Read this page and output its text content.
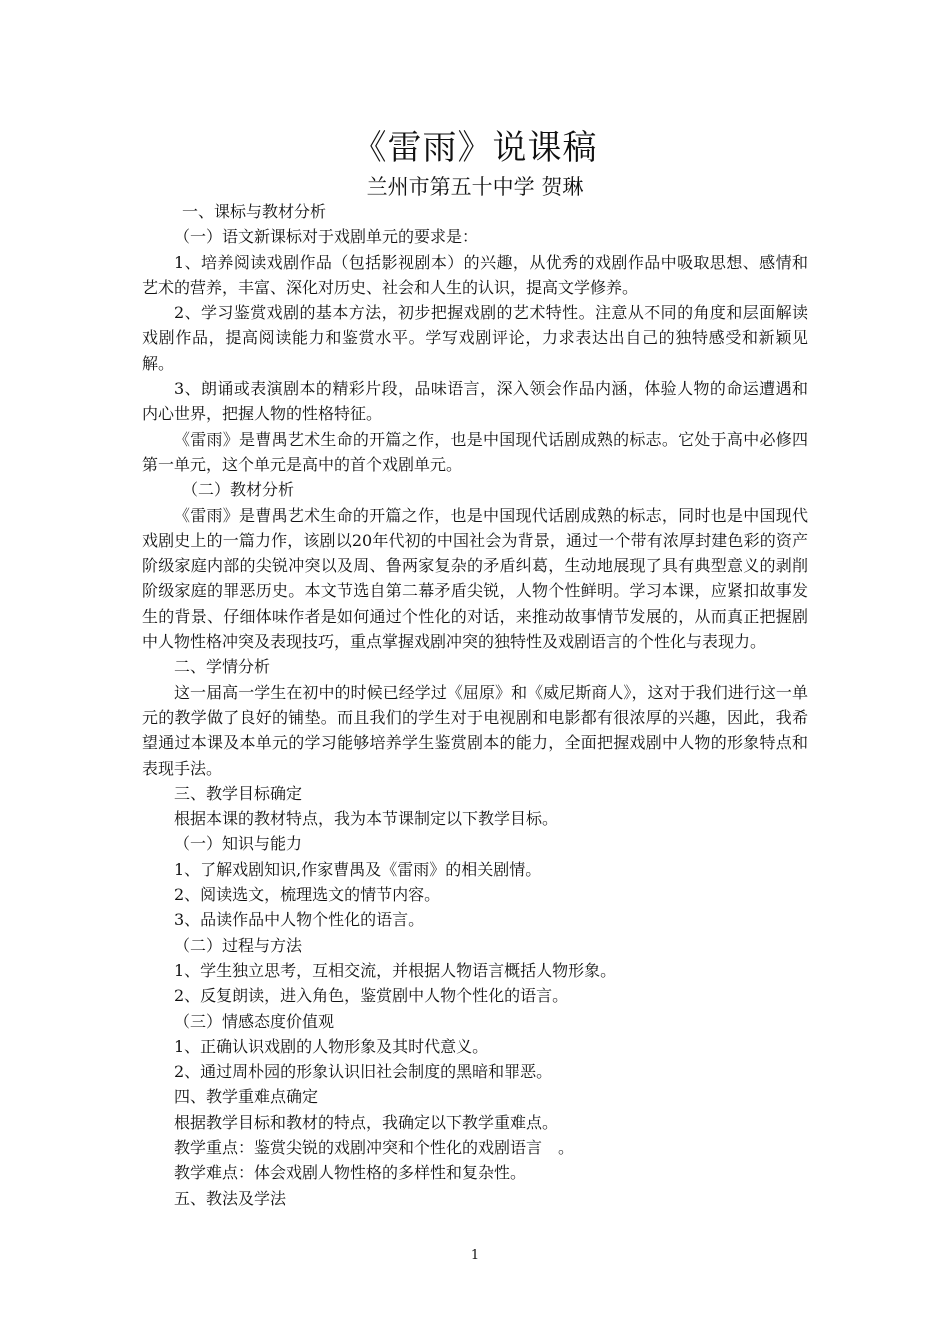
《雷雨》说课稿
兰州市第五十中学 贺琳

一、课标与教材分析

（一）语文新课标对于戏剧单元的要求是：

1、培养阅读戏剧作品（包括影视剧本）的兴趣，从优秀的戏剧作品中吸取思想、感情和艺术的营养，丰富、深化对历史、社会和人生的认识，提高文学修养。

2、学习鉴赏戏剧的基本方法，初步把握戏剧的艺术特性。注意从不同的角度和层面解读戏剧作品，提高阅读能力和鉴赏水平。学写戏剧评论，力求表达出自己的独特感受和新颖见解。

3、朗诵或表演剧本的精彩片段，品味语言，深入领会作品内涵，体验人物的命运遭遇和内心世界，把握人物的性格特征。

《雷雨》是曹禺艺术生命的开篇之作，也是中国现代话剧成熟的标志。它处于高中必修四第一单元，这个单元是高中的首个戏剧单元。

（二）教材分析

《雷雨》是曹禺艺术生命的开篇之作，也是中国现代话剧成熟的标志，同时也是中国现代戏剧史上的一篇力作，该剧以20年代初的中国社会为背景，通过一个带有浓厚封建色彩的资产阶级家庭内部的尖锐冲突以及周、鲁两家复杂的矛盾纠葛，生动地展现了具有典型意义的剥削阶级家庭的罪恶历史。本文节选自第二幕矛盾尖锐，人物个性鲜明。学习本课，应紧扣故事发生的背景、仔细体味作者是如何通过个性化的对话，来推动故事情节发展的，从而真正把握剧中人物性格冲突及表现技巧，重点掌握戏剧冲突的独特性及戏剧语言的个性化与表现力。

二、学情分析

这一届高一学生在初中的时候已经学过《屈原》和《威尼斯商人》，这对于我们进行这一单元的教学做了良好的铺垫。而且我们的学生对于电视剧和电影都有很浓厚的兴趣，因此，我希望通过本课及本单元的学习能够培养学生鉴赏剧本的能力，全面把握戏剧中人物的形象特点和表现手法。

三、教学目标确定

根据本课的教材特点，我为本节课制定以下教学目标。

（一）知识与能力

1、了解戏剧知识,作家曹禺及《雷雨》的相关剧情。

2、阅读选文，梳理选文的情节内容。

3、品读作品中人物个性化的语言。

（二）过程与方法

1、学生独立思考，互相交流，并根据人物语言概括人物形象。

2、反复朗读，进入角色，鉴赏剧中人物个性化的语言。

（三）情感态度价值观

1、正确认识戏剧的人物形象及其时代意义。

2、通过周朴园的形象认识旧社会制度的黑暗和罪恶。

四、教学重难点确定

根据教学目标和教材的特点，我确定以下教学重难点。

教学重点：鉴赏尖锐的戏剧冲突和个性化的戏剧语言　。

教学难点：体会戏剧人物性格的多样性和复杂性。

五、教法及学法

1
